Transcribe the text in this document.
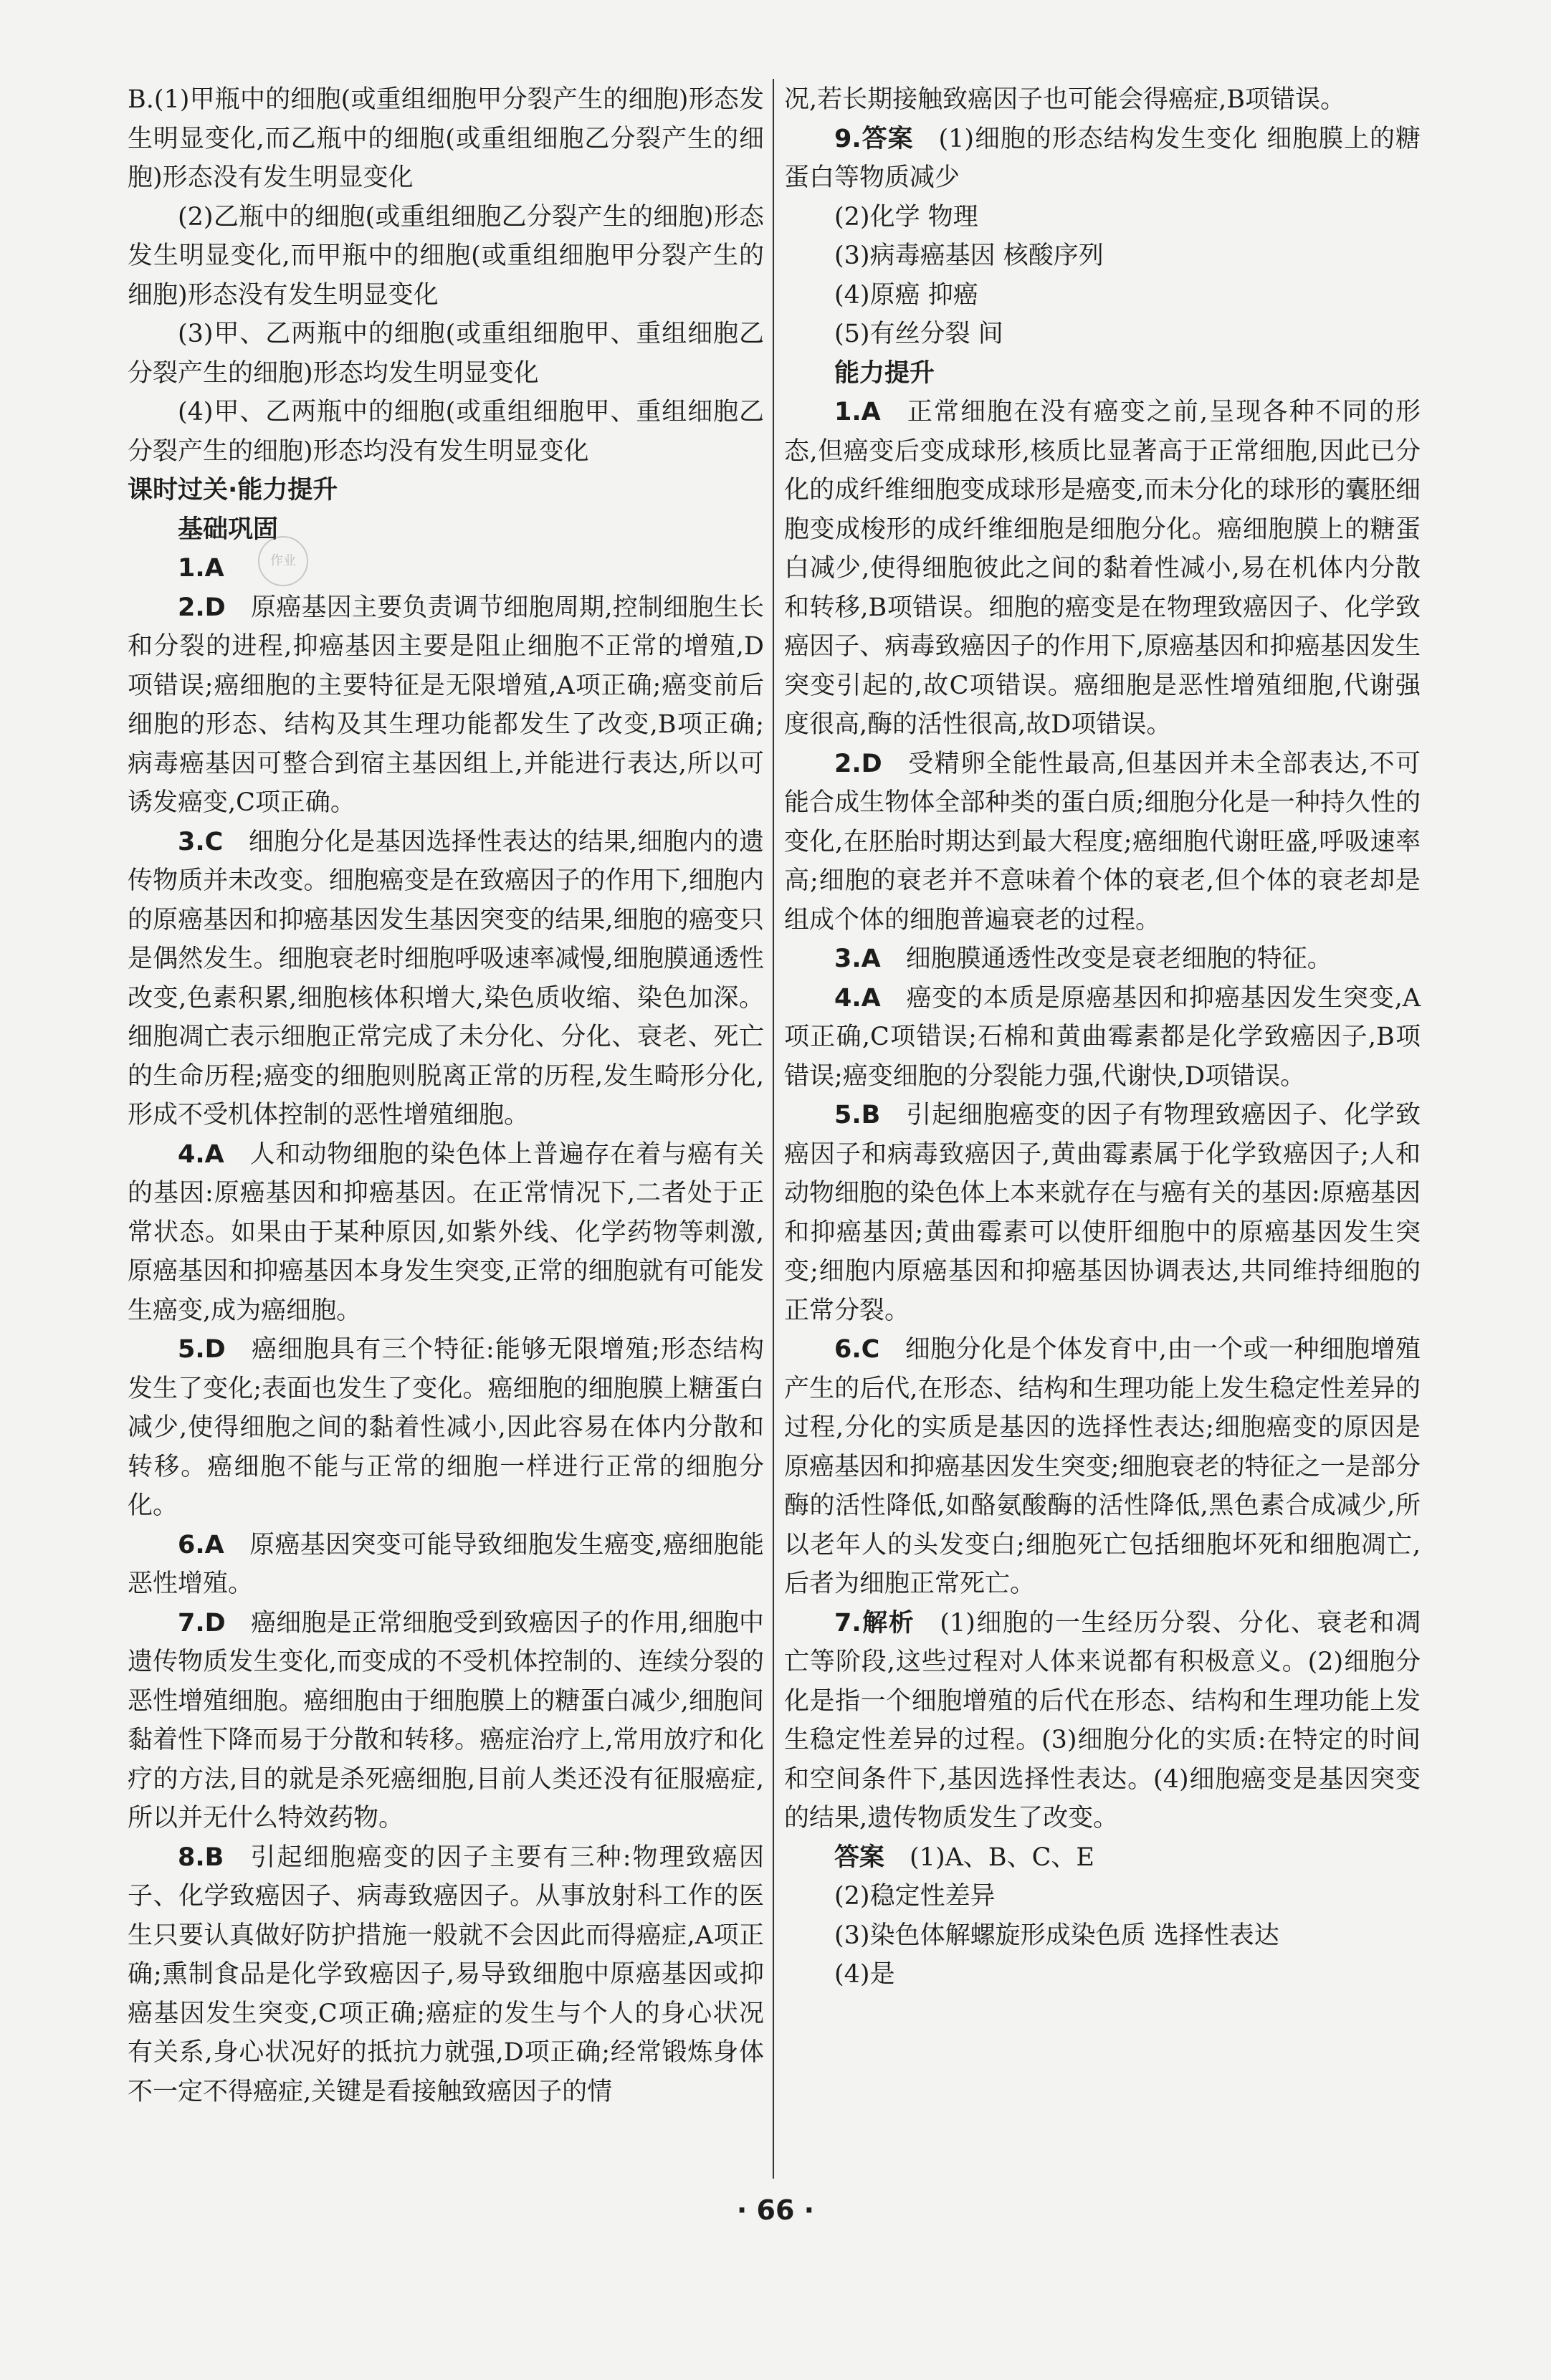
B.(1)甲瓶中的细胞(或重组细胞甲分裂产生的细胞)形态发生明显变化,而乙瓶中的细胞(或重组细胞乙分裂产生的细胞)形态没有发生明显变化

(2)乙瓶中的细胞(或重组细胞乙分裂产生的细胞)形态发生明显变化,而甲瓶中的细胞(或重组细胞甲分裂产生的细胞)形态没有发生明显变化

(3)甲、乙两瓶中的细胞(或重组细胞甲、重组细胞乙分裂产生的细胞)形态均发生明显变化

(4)甲、乙两瓶中的细胞(或重组细胞甲、重组细胞乙分裂产生的细胞)形态均没有发生明显变化

课时过关·能力提升

基础巩固

1.A 

2.D  原癌基因主要负责调节细胞周期,控制细胞生长和分裂的进程,抑癌基因主要是阻止细胞不正常的增殖,D项错误;癌细胞的主要特征是无限增殖,A项正确;癌变前后细胞的形态、结构及其生理功能都发生了改变,B项正确;病毒癌基因可整合到宿主基因组上,并能进行表达,所以可诱发癌变,C项正确。

3.C  细胞分化是基因选择性表达的结果,细胞内的遗传物质并未改变。细胞癌变是在致癌因子的作用下,细胞内的原癌基因和抑癌基因发生基因突变的结果,细胞的癌变只是偶然发生。细胞衰老时细胞呼吸速率减慢,细胞膜通透性改变,色素积累,细胞核体积增大,染色质收缩、染色加深。细胞凋亡表示细胞正常完成了未分化、分化、衰老、死亡的生命历程;癌变的细胞则脱离正常的历程,发生畸形分化,形成不受机体控制的恶性增殖细胞。

4.A  人和动物细胞的染色体上普遍存在着与癌有关的基因:原癌基因和抑癌基因。在正常情况下,二者处于正常状态。如果由于某种原因,如紫外线、化学药物等刺激,原癌基因和抑癌基因本身发生突变,正常的细胞就有可能发生癌变,成为癌细胞。

5.D  癌细胞具有三个特征:能够无限增殖;形态结构发生了变化;表面也发生了变化。癌细胞的细胞膜上糖蛋白减少,使得细胞之间的黏着性减小,因此容易在体内分散和转移。癌细胞不能与正常的细胞一样进行正常的细胞分化。

6.A  原癌基因突变可能导致细胞发生癌变,癌细胞能恶性增殖。

7.D  癌细胞是正常细胞受到致癌因子的作用,细胞中遗传物质发生变化,而变成的不受机体控制的、连续分裂的恶性增殖细胞。癌细胞由于细胞膜上的糖蛋白减少,细胞间黏着性下降而易于分散和转移。癌症治疗上,常用放疗和化疗的方法,目的就是杀死癌细胞,目前人类还没有征服癌症,所以并无什么特效药物。

8.B  引起细胞癌变的因子主要有三种:物理致癌因子、化学致癌因子、病毒致癌因子。从事放射科工作的医生只要认真做好防护措施一般就不会因此而得癌症,A项正确;熏制食品是化学致癌因子,易导致细胞中原癌基因或抑癌基因发生突变,C项正确;癌症的发生与个人的身心状况有关系,身心状况好的抵抗力就强,D项正确;经常锻炼身体不一定不得癌症,关键是看接触致癌因子的情

况,若长期接触致癌因子也可能会得癌症,B项错误。

9.答案  (1)细胞的形态结构发生变化 细胞膜上的糖蛋白等物质减少

(2)化学 物理

(3)病毒癌基因 核酸序列

(4)原癌 抑癌

(5)有丝分裂 间

能力提升

1.A  正常细胞在没有癌变之前,呈现各种不同的形态,但癌变后变成球形,核质比显著高于正常细胞,因此已分化的成纤维细胞变成球形是癌变,而未分化的球形的囊胚细胞变成梭形的成纤维细胞是细胞分化。癌细胞膜上的糖蛋白减少,使得细胞彼此之间的黏着性减小,易在机体内分散和转移,B项错误。细胞的癌变是在物理致癌因子、化学致癌因子、病毒致癌因子的作用下,原癌基因和抑癌基因发生突变引起的,故C项错误。癌细胞是恶性增殖细胞,代谢强度很高,酶的活性很高,故D项错误。

2.D  受精卵全能性最高,但基因并未全部表达,不可能合成生物体全部种类的蛋白质;细胞分化是一种持久性的变化,在胚胎时期达到最大程度;癌细胞代谢旺盛,呼吸速率高;细胞的衰老并不意味着个体的衰老,但个体的衰老却是组成个体的细胞普遍衰老的过程。

3.A  细胞膜通透性改变是衰老细胞的特征。

4.A  癌变的本质是原癌基因和抑癌基因发生突变,A项正确,C项错误;石棉和黄曲霉素都是化学致癌因子,B项错误;癌变细胞的分裂能力强,代谢快,D项错误。

5.B  引起细胞癌变的因子有物理致癌因子、化学致癌因子和病毒致癌因子,黄曲霉素属于化学致癌因子;人和动物细胞的染色体上本来就存在与癌有关的基因:原癌基因和抑癌基因;黄曲霉素可以使肝细胞中的原癌基因发生突变;细胞内原癌基因和抑癌基因协调表达,共同维持细胞的正常分裂。

6.C  细胞分化是个体发育中,由一个或一种细胞增殖产生的后代,在形态、结构和生理功能上发生稳定性差异的过程,分化的实质是基因的选择性表达;细胞癌变的原因是原癌基因和抑癌基因发生突变;细胞衰老的特征之一是部分酶的活性降低,如酪氨酸酶的活性降低,黑色素合成减少,所以老年人的头发变白;细胞死亡包括细胞坏死和细胞凋亡,后者为细胞正常死亡。

7.解析  (1)细胞的一生经历分裂、分化、衰老和凋亡等阶段,这些过程对人体来说都有积极意义。(2)细胞分化是指一个细胞增殖的后代在形态、结构和生理功能上发生稳定性差异的过程。(3)细胞分化的实质:在特定的时间和空间条件下,基因选择性表达。(4)细胞癌变是基因突变的结果,遗传物质发生了改变。

答案  (1)A、B、C、E

(2)稳定性差异

(3)染色体解螺旋形成染色质 选择性表达

(4)是

作业
· 66 ·
